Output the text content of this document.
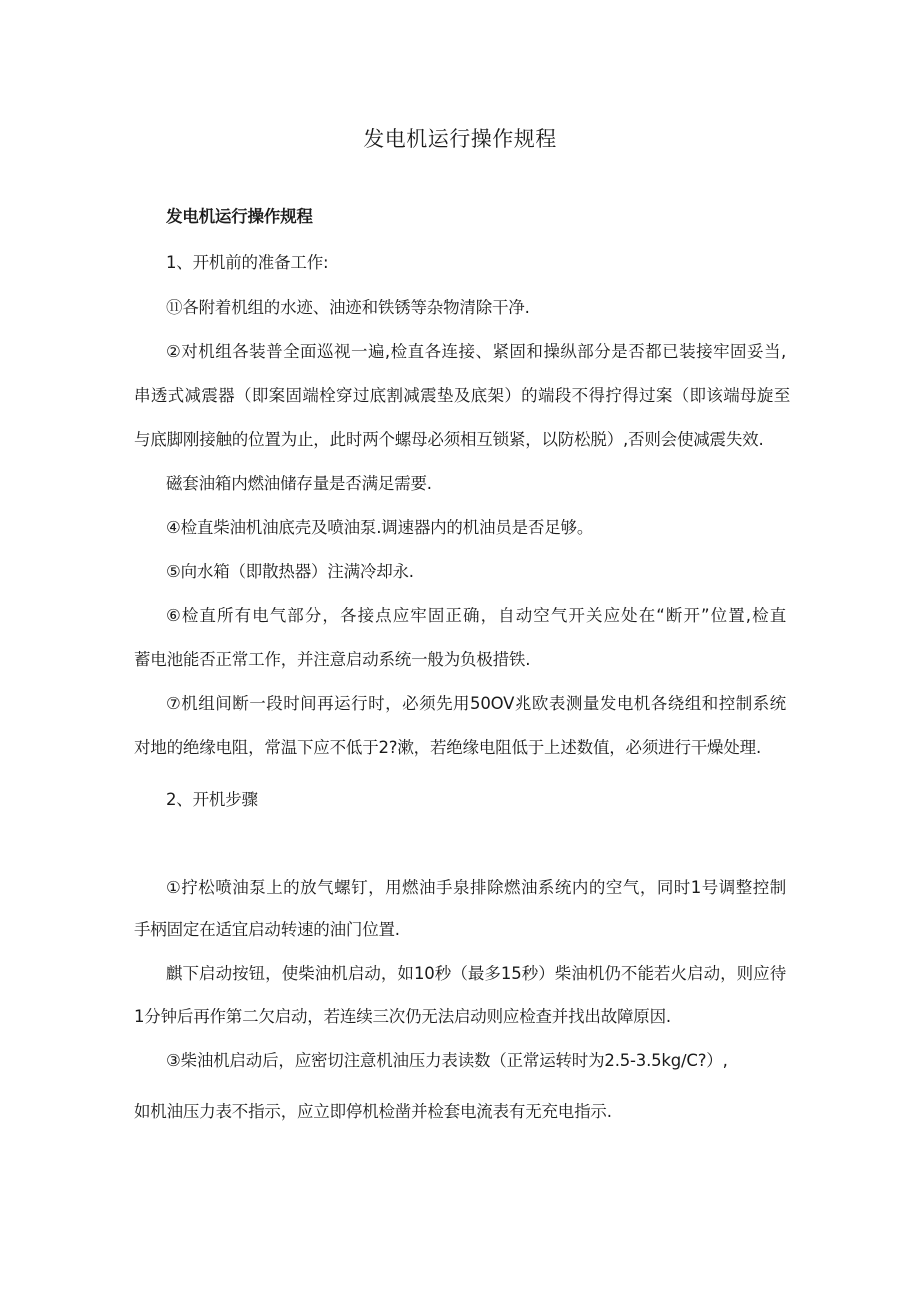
发电机运行操作规程
发电机运行操作规程
1、开机前的准备工作:
⑪各附着机组的水迹、油迹和铁锈等杂物清除干净.
②对机组各装普全面巡视一遍,检直各连接、紧固和操纵部分是否都已装接牢固妥当,
串透式减震器（即案固端栓穿过底割减震垫及底架）的端段不得拧得过案（即该端母旋至
与底脚刚接触的位置为止，此时两个螺母必须相互锁紧，以防松脱）,否则会使减震失效.
磁套油箱内燃油储存量是否满足需要.
④检直柴油机油底壳及喷油泵.调速器内的机油员是否足够。
⑤向水箱（即散热器）注满冷却永.
⑥检直所有电气部分，各接点应牢固正确，自动空气开关应处在“断开”位置,检直
蓄电池能否正常工作，并注意启动系统一般为负极措铁.
⑦机组间断一段时间再运行时，必须先用50OV兆欧表测量发电机各绕组和控制系统
对地的绝缘电阻，常温下应不低于2?漱，若绝缘电阻低于上述数值，必须进行干燥处理.
2、开机步骤
①拧松喷油泵上的放气螺钉，用燃油手泉排除燃油系统内的空气，同时1号调整控制
手柄固定在适宜启动转速的油门位置.
麒下启动按钮，使柴油机启动，如10秒（最多15秒）柴油机仍不能若火启动，则应待
1分钟后再作第二欠启动，若连续三次仍无法启动则应检查并找出故障原因.
③柴油机启动后，应密切注意机油压力表读数（正常运转时为2.5-3.5kg∕C?）,
如机油压力表不指示，应立即停机检凿并检套电流表有无充电指示.
